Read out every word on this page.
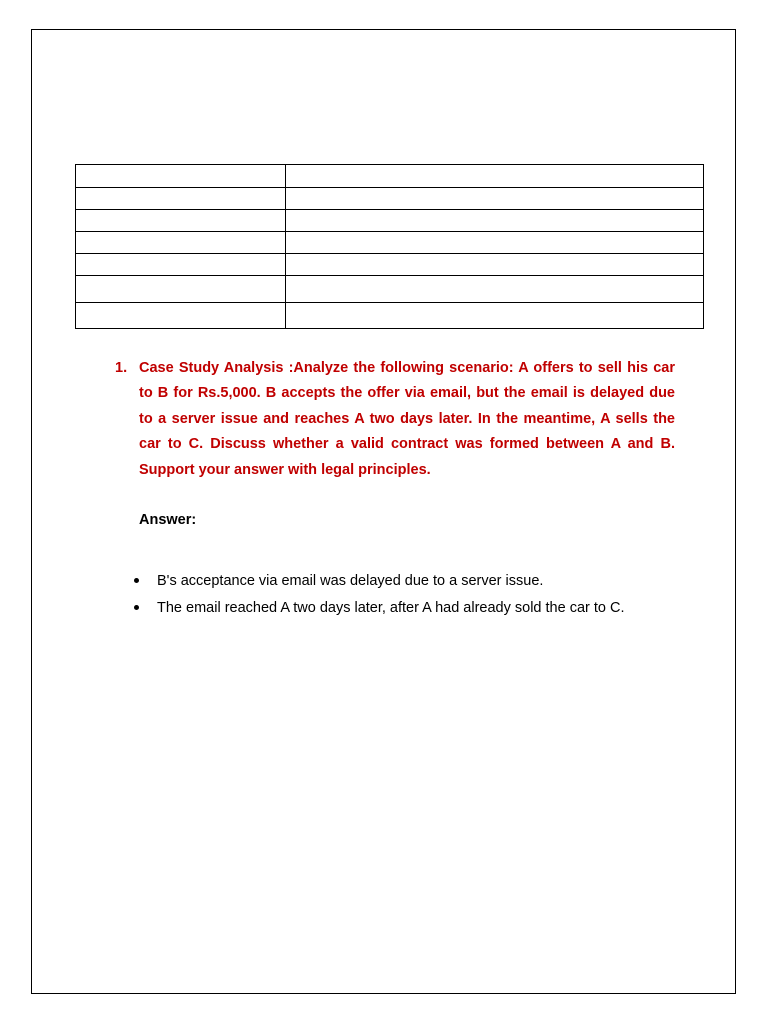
1. Case Study Analysis :Analyze the following scenario: A offers to sell his car to B for Rs.5,000. B accepts the offer via email, but the email is delayed due to a server issue and reaches A two days later. In the meantime, A sells the car to C. Discuss whether a valid contract was formed between A and B. Support your answer with legal principles.
Answer:
B's acceptance via email was delayed due to a server issue.
The email reached A two days later, after A had already sold the car to C.
